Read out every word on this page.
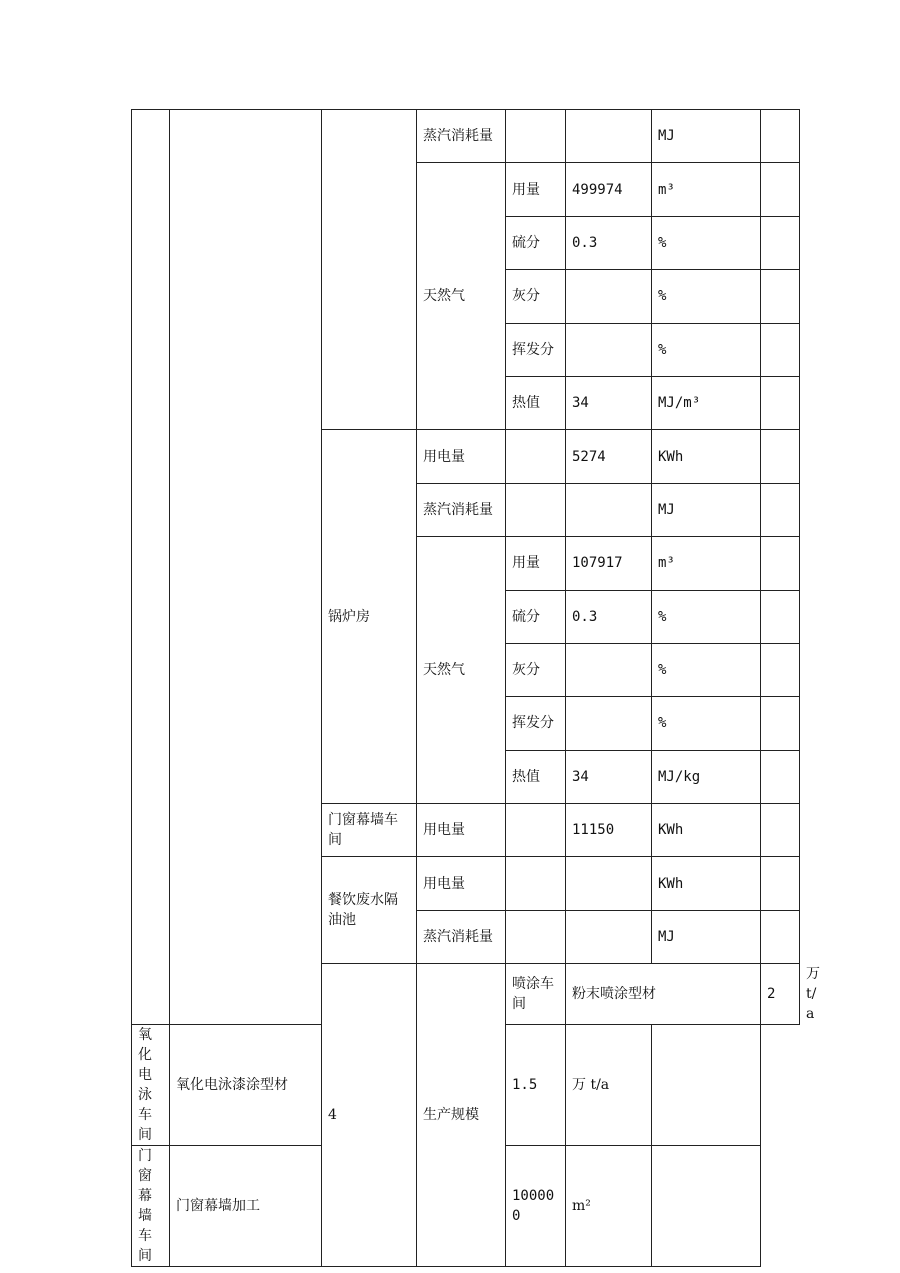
			蒸汽消耗量			MJ		
			天然气	用量	499974	m³		
				硫分	0.3	%		
				灰分		%		
				挥发分		%		
				热值	34	MJ/m³		
		锅炉房	用电量		5274	KWh		
			蒸汽消耗量			MJ		
			天然气	用量	107917	m³		
				硫分	0.3	%		
				灰分		%		
				挥发分		%		
				热值	34	MJ/kg		
		门窗幕墙车间	用电量		11150	KWh		
		餐饮废水隔油池	用电量			KWh		
			蒸汽消耗量			MJ		
		4	生产规模	喷涂车间	粉末喷涂型材		2	万 t/a	
氧化电泳车间	氧化电泳漆涂型材			1.5	万 t/a			
门窗幕墙车间	门窗幕墙加工			100000	m²			
